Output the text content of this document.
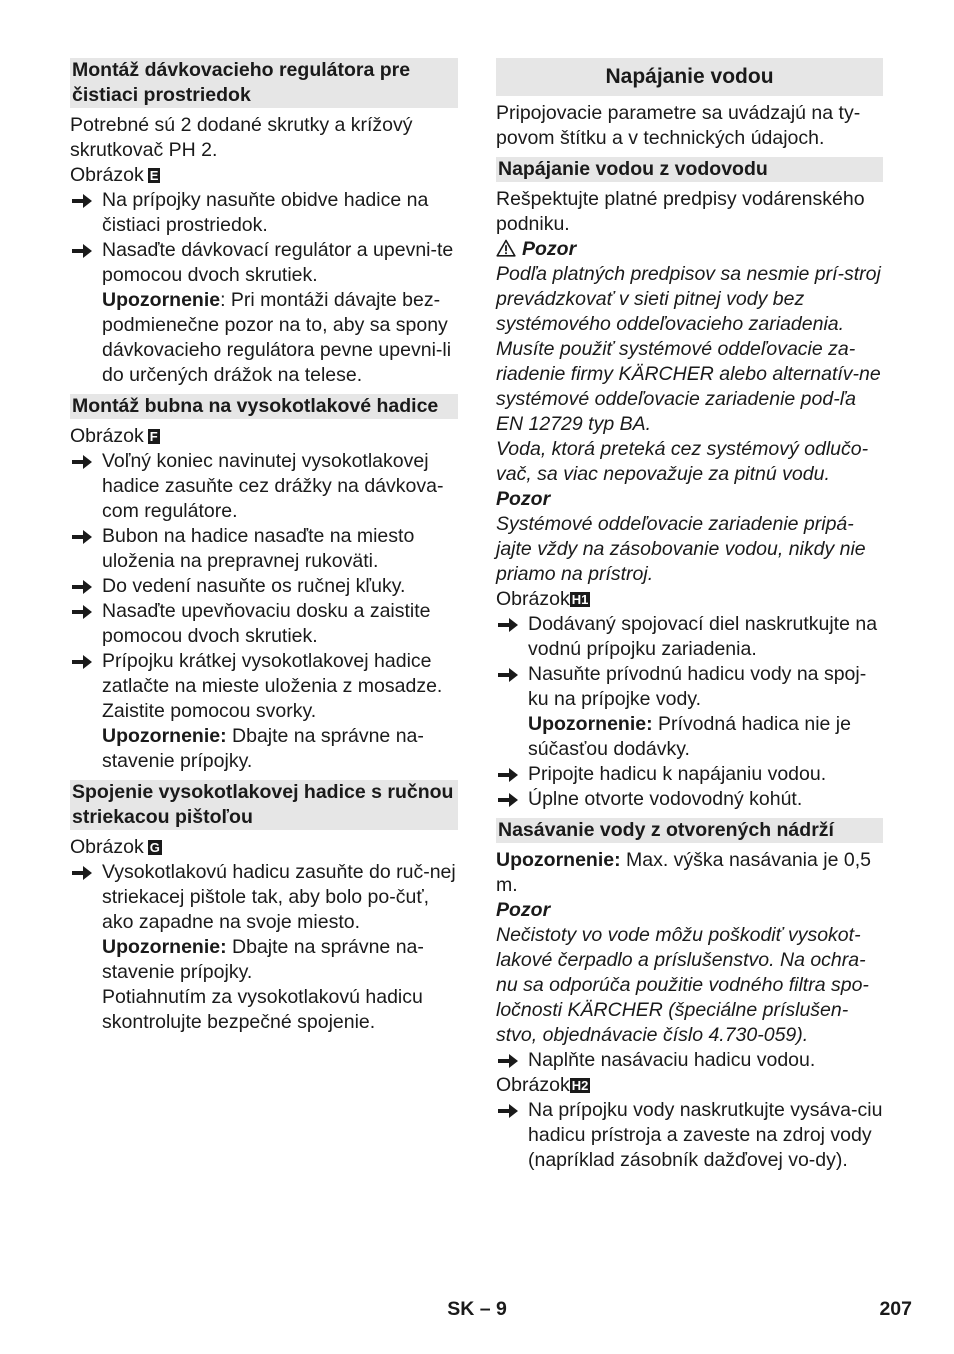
Montáž dávkovacieho regulátora pre čistiaci prostriedok
Potrebné sú 2 dodané skrutky a krížový skrutkovač PH 2.
Obrázok E
Na prípojky nasuňte obidve hadice na čistiaci prostriedok.
Nasaďte dávkovací regulátor a upevni-te pomocou dvoch skrutiek.
Upozornenie: Pri montáži dávajte bez-podmienečne pozor na to, aby sa spony dávkovacieho regulátora pevne upevni-li do určených drážok na telese.
Montáž bubna na vysokotlakové hadice
Obrázok F
Voľný koniec navinutej vysokotlakovej hadice zasuňte cez drážky na dávkova-com regulátore.
Bubon na hadice nasaďte na miesto uloženia na prepravnej rukoväti.
Do vedení nasuňte os ručnej kľuky.
Nasaďte upevňovaciu dosku a zaistite pomocou dvoch skrutiek.
Prípojku krátkej vysokotlakovej hadice zatlačte na mieste uloženia z mosadze. Zaistite pomocou svorky.
Upozornenie: Dbajte na správne na-stavenie prípojky.
Spojenie vysokotlakovej hadice s ručnou striekacou pištoľou
Obrázok G
Vysokotlakovú hadicu zasuňte do ruč-nej striekacej pištole tak, aby bolo po-čuť, ako zapadne na svoje miesto.
Upozornenie: Dbajte na správne na-stavenie prípojky.
Potiahnutím za vysokotlakovú hadicu skontrolujte bezpečné spojenie.
Napájanie vodou
Pripojovacie parametre sa uvádzajú na ty-povom štítku a v technických údajoch.
Napájanie vodou z vodovodu
Rešpektujte platné predpisy vodárenského podniku.
Pozor
Podľa platných predpisov sa nesmie prí-stroj prevádzkovať v sieti pitnej vody bez systémového oddeľovacieho zariadenia. Musíte použiť systémové oddeľovacie za-riadenie firmy KÄRCHER alebo alternatív-ne systémové oddeľovacie zariadenie pod-ľa EN 12729 typ BA.
Voda, ktorá preteká cez systémový odlučo-vač, sa viac nepovažuje za pitnú vodu.
Pozor
Systémové oddeľovacie zariadenie pripá-jajte vždy na zásobovanie vodou, nikdy nie priamo na prístroj.
Obrázok H1
Dodávaný spojovací diel naskrutkujte na vodnú prípojku zariadenia.
Nasuňte prívodnú hadicu vody na spoj-ku na prípojke vody.
Upozornenie: Prívodná hadica nie je súčasťou dodávky.
Pripojte hadicu k napájaniu vodou.
Úplne otvorte vodovodný kohút.
Nasávanie vody z otvorených nádrží
Upozornenie: Max. výška nasávania je 0,5 m.
Pozor
Nečistoty vo vode môžu poškodiť vysokot-lakové čerpadlo a príslušenstvo. Na ochra-nu sa odporúča použitie vodného filtra spo-ločnosti KÄRCHER (špeciálne príslušen-stvo, objednávacie číslo 4.730-059).
Naplňte nasávaciu hadicu vodou.
Obrázok H2
Na prípojku vody naskrutkujte vysáva-ciu hadicu prístroja a zaveste na zdroj vody (napríklad zásobník dažďovej vo-dy).
SK – 9	207
